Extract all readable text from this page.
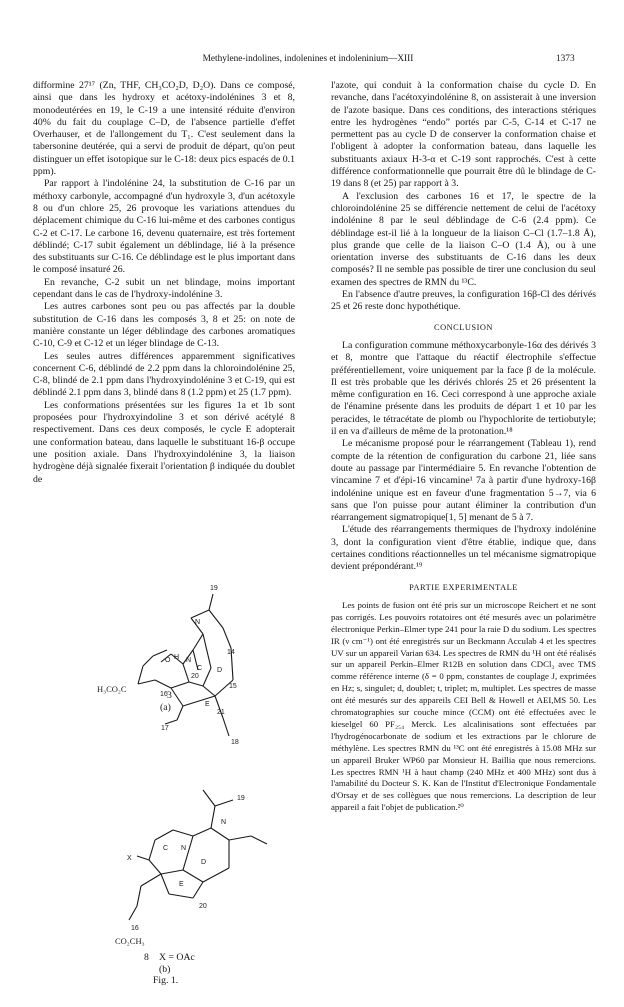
Methylene-indolines, indolenines et indoleninium—XIII	1373

difformine 27¹⁷ (Zn, THF, CH₃CO₂D, D₂O). Dans ce composé, ainsi que dans les hydroxy et acétoxy-indolénines 3 et 8, monodeutérées en 19, le C-19 a une intensité réduite d'environ 40% du fait du couplage C–D, de l'absence partielle d'effet Overhauser, et de l'allongement du T₁. C'est seulement dans la tabersonine deutérée, qui a servi de produit de départ, qu'on peut distinguer un effet isotopique sur le C-18: deux pics espacés de 0.1 ppm).

Par rapport à l'indolénine 24, la substitution de C-16 par un méthoxy carbonyle, accompagné d'un hydroxyle 3, d'un acétoxyle 8 ou d'un chlore 25, 26 provoque les variations attendues du déplacement chimique du C-16 lui-même et des carbones contigus C-2 et C-17. Le carbone 16, devenu quaternaire, est très fortement déblindé; C-17 subit également un déblindage, lié à la présence des substituants sur C-16. Ce déblindage est le plus important dans le composé insaturé 26.

En revanche, C-2 subit un net blindage, moins important cependant dans le cas de l'hydroxy-indolénine 3.

Les autres carbones sont peu ou pas affectés par la double substitution de C-16 dans les composés 3, 8 et 25: on note de manière constante un léger déblindage des carbones aromatiques C-10, C-9 et C-12 et un léger blindage de C-13.

Les seules autres différences apparemment significatives concernent C-6, déblindé de 2.2 ppm dans la chloroindolénine 25, C-8, blindé de 2.1 ppm dans l'hydroxyindolénine 3 et C-19, qui est déblindé 2.1 ppm dans 3, blindé dans 8 (1.2 ppm) et 25 (1.7 ppm).

Les conformations présentées sur les figures 1a et 1b sont proposées pour l'hydroxyindoline 3 et son dérivé acétylé 8 respectivement. Dans ces deux composés, le cycle E adopterait une conformation bateau, dans laquelle le substituant 16-β occupe une position axiale. Dans l'hydroxyindolénine 3, la liaison hydrogène déjà signalée fixerait l'orientation β indiquée du doublet de

19
N
O H N
C D
E
14
15
16
17
20
21
18
H₃CO₂C
X
C N
D
E
N
19
16
20
CO₂CH₃
3
(a)
8 X = OAc
(b)
Fig. 1.

l'azote, qui conduit à la conformation chaise du cycle D. En revanche, dans l'acétoxyindolénine 8, on assisterait à une inversion de l'azote basique. Dans ces conditions, des interactions stériques entre les hydrogènes “endo” portés par C-5, C-14 et C-17 ne permettent pas au cycle D de conserver la conformation chaise et l'obligent à adopter la conformation bateau, dans laquelle les substituants axiaux H-3-α et C-19 sont rapprochés. C'est à cette différence conformationnelle que pourrait être dû le blindage de C-19 dans 8 (et 25) par rapport à 3.

A l'exclusion des carbones 16 et 17, le spectre de la chloroindolénine 25 se différencie nettement de celui de l'acétoxy indolénine 8 par le seul déblindage de C-6 (2.4 ppm). Ce déblindage est-il lié à la longueur de la liaison C–Cl (1.7–1.8 Å), plus grande que celle de la liaison C–O (1.4 Å), ou à une orientation inverse des substituants de C-16 dans les deux composés? Il ne semble pas possible de tirer une conclusion du seul examen des spectres de RMN du ¹³C.

En l'absence d'autre preuves, la configuration 16β-Cl des dérivés 25 et 26 reste donc hypothétique.

CONCLUSION

La configuration commune méthoxycarbonyle-16α des dérivés 3 et 8, montre que l'attaque du réactif électrophile s'effectue préférentiellement, voire uniquement par la face β de la molécule. Il est très probable que les dérivés chlorés 25 et 26 présentent la même configuration en 16. Ceci correspond à une approche axiale de l'énamine présente dans les produits de départ 1 et 10 par les peracides, le tétracétate de plomb ou l'hypochlorite de tertiobutyle; il en va d'ailleurs de même de la protonation.¹⁸

Le mécanisme proposé pour le réarrangement (Tableau 1), rend compte de la rétention de configuration du carbone 21, liée sans doute au passage par l'intermédiaire 5. En revanche l'obtention de vincamine 7 et d'épi-16 vincamine¹ 7a à partir d'une hydroxy-16β indolénine unique est en faveur d'une fragmentation 5→7, via 6 sans que l'on puisse pour autant éliminer la contribution d'un réarrangement sigmatropique[1, 5] menant de 5 à 7.

L'étude des réarrangements thermiques de l'hydroxy indolénine 3, dont la configuration vient d'être établie, indique que, dans certaines conditions réactionnelles un tel mécanisme sigmatropique devient prépondérant.¹⁹

PARTIE EXPERIMENTALE

Les points de fusion ont été pris sur un microscope Reichert et ne sont pas corrigés. Les pouvoirs rotatoires ont été mesurés avec un polarimètre électronique Perkin–Elmer type 241 pour la raie D du sodium. Les spectres IR (ν cm⁻¹) ont été enregistrés sur un Beckmann Acculab 4 et les spectres UV sur un appareil Varian 634. Les spectres de RMN du ¹H ont été réalisés sur un appareil Perkin–Elmer R12B en solution dans CDCl₃ avec TMS comme référence interne (δ = 0 ppm, constantes de couplage J, exprimées en Hz; s, singulet; d, doublet; t, triplet; m, multiplet. Les spectres de masse ont été mesurés sur des appareils CEI Bell & Howell et AEI,MS 50. Les chromatographies sur couche mince (CCM) ont été effectuées avec le kieselgel 60 PF₂₅₄ Merck. Les alcalinisations sont effectuées par l'hydrogénocarbonate de sodium et les extractions par le chlorure de méthylène. Les spectres RMN du ¹³C ont été enregistrés à 15.08 MHz sur un appareil Bruker WP60 par Monsieur H. Baillia que nous remercions. Les spectres RMN ¹H à haut champ (240 MHz et 400 MHz) sont dus à l'amabilité du Docteur S. K. Kan de l'Institut d'Electronique Fondamentale d'Orsay et de ses collègues que nous remercions. La description de leur appareil a fait l'objet de publication.²⁰
